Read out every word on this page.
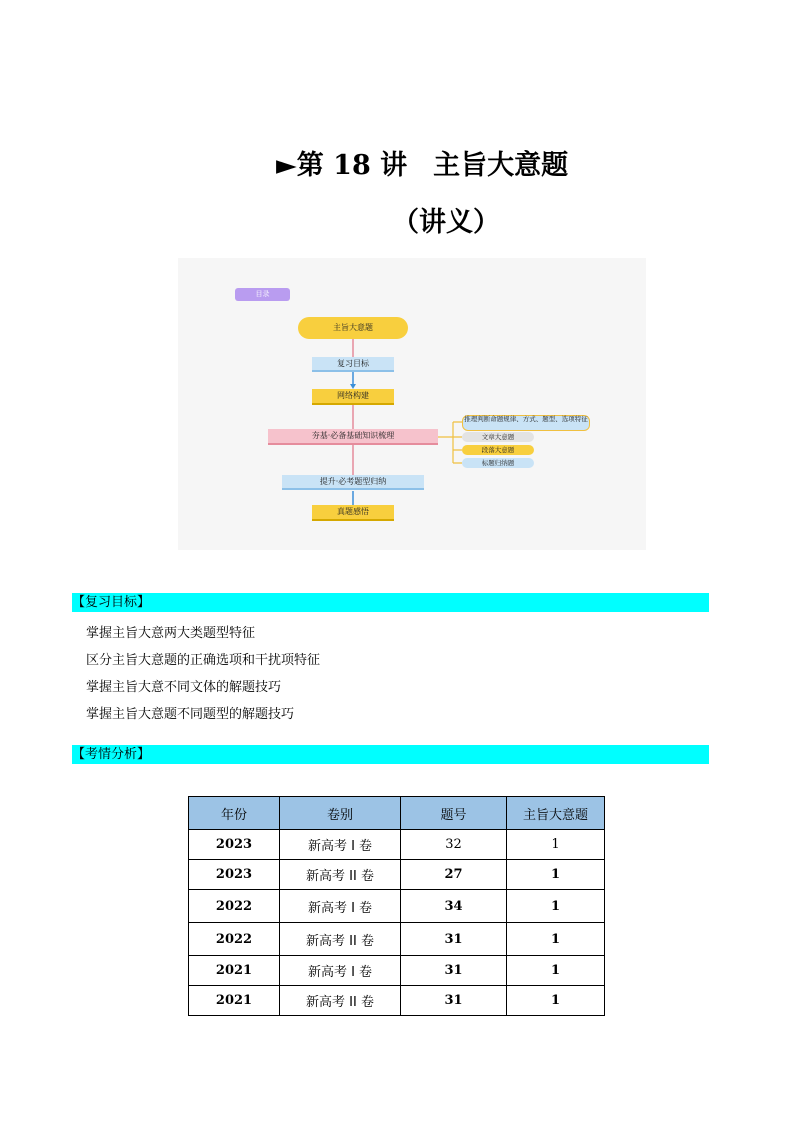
►第 18 讲 主旨大意题
（讲义）
目录
主旨大意题
复习目标
网络构建
夯基·必备基础知识梳理
提升·必考题型归纳
真题感悟
推理判断命题规律、方式、题型、选项特征
文章大意题
段落大意题
标题归纳题
【复习目标】
掌握主旨大意两大类题型特征
区分主旨大意题的正确选项和干扰项特征
掌握主旨大意不同文体的解题技巧
掌握主旨大意题不同题型的解题技巧
【考情分析】
年份	卷别	题号	主旨大意题
2023	新高考 I 卷	32	1
2023	新高考 II 卷	27	1
2022	新高考 I 卷	34	1
2022	新高考 II 卷	31	1
2021	新高考 I 卷	31	1
2021	新高考 II 卷	31	1
